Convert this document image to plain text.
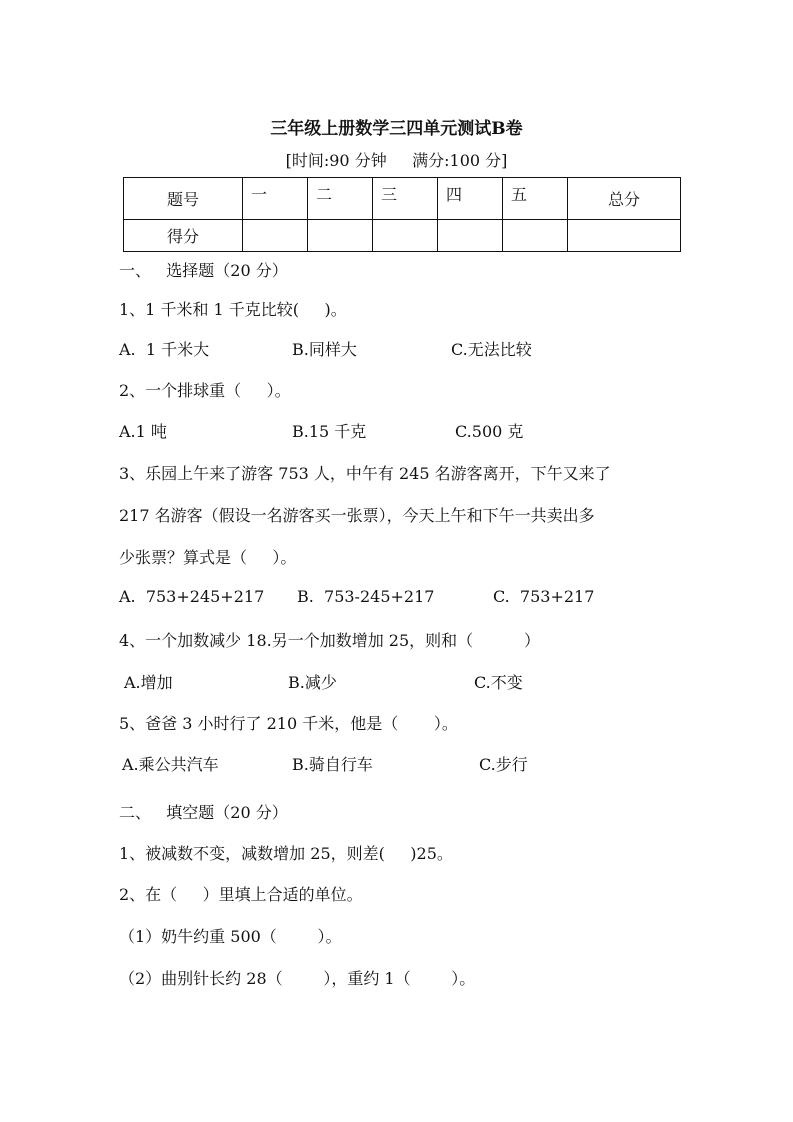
三年级上册数学三四单元测试B卷
[时间:90 分钟     满分:100 分]
题号	一	二	三	四	五	总分
得分						
一、   选择题（20 分）
1、1 千米和 1 千克比较(     )。
A.  1 千米大	B.同样大	C.无法比较
2、一个排球重（     ）。
A.1 吨	B.15 千克	C.500 克
3、乐园上午来了游客 753 人，中午有 245 名游客离开，下午又来了
217 名游客（假设一名游客买一张票），今天上午和下午一共卖出多
少张票？算式是（     ）。
A.  753+245+217 B.  753-245+217	C.  753+217
4、一个加数减少 18.另一个加数增加 25，则和（          ）
A.增加	B.减少	C.不变
5、爸爸 3 小时行了 210 千米，他是（       ）。
A.乘公共汽车	B.骑自行车	C.步行
二、   填空题（20 分）
1、被减数不变，减数增加 25，则差(     )25。
2、在（     ）里填上合适的单位。
（1）奶牛约重 500（        ）。
（2）曲别针长约 28（        ），重约 1（        ）。
